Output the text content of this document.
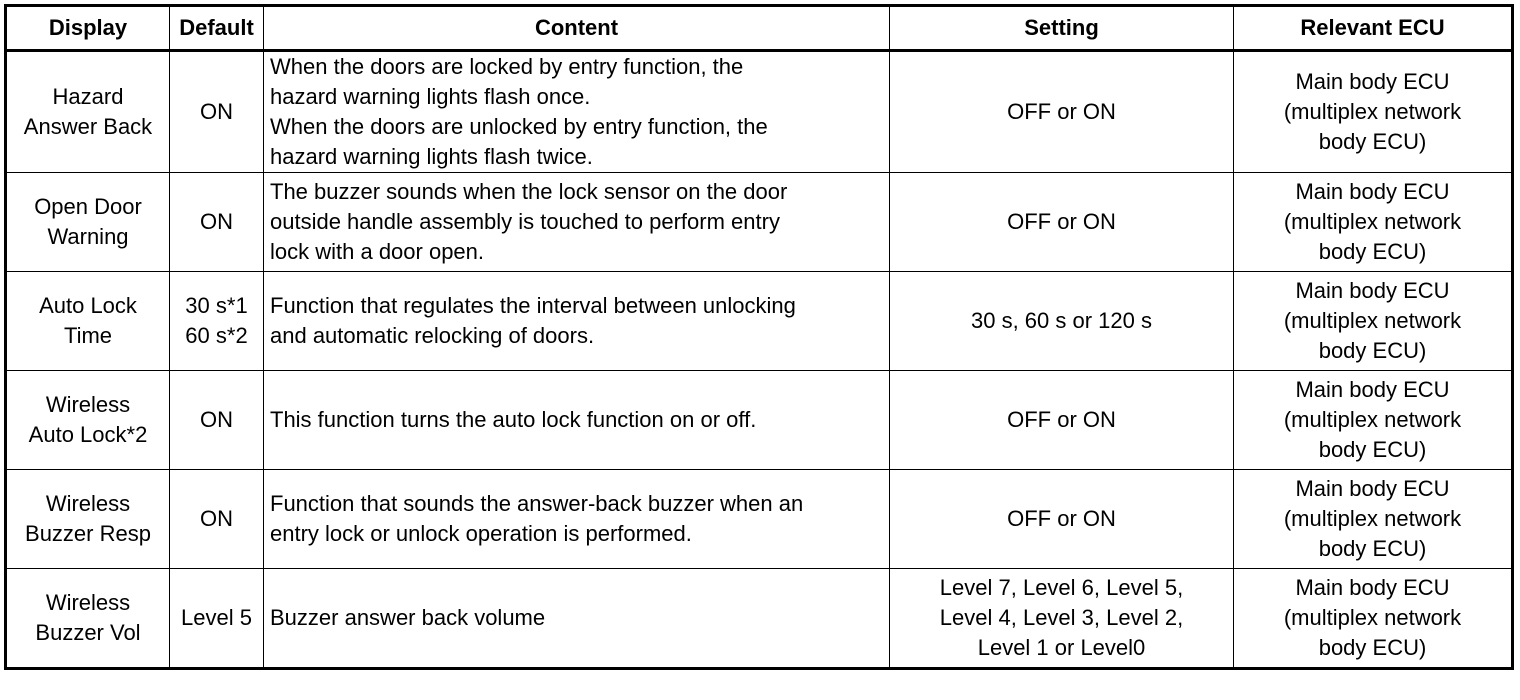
Display	Default	Content	Setting	Relevant ECU

Hazard
Answer Back	ON	When the doors are locked by entry function, the
hazard warning lights flash once.
When the doors are unlocked by entry function, the
hazard warning lights flash twice.	OFF or ON	Main body ECU
(multiplex network
body ECU)

Open Door
Warning	ON	The buzzer sounds when the lock sensor on the door
outside handle assembly is touched to perform entry
lock with a door open.	OFF or ON	Main body ECU
(multiplex network
body ECU)

Auto Lock
Time	30 s*1
60 s*2	Function that regulates the interval between unlocking
and automatic relocking of doors.	30 s, 60 s or 120 s	Main body ECU
(multiplex network
body ECU)

Wireless
Auto Lock*2	ON	This function turns the auto lock function on or off.	OFF or ON	Main body ECU
(multiplex network
body ECU)

Wireless
Buzzer Resp	ON	Function that sounds the answer-back buzzer when an
entry lock or unlock operation is performed.	OFF or ON	Main body ECU
(multiplex network
body ECU)

Wireless
Buzzer Vol	Level 5	Buzzer answer back volume	Level 7, Level 6, Level 5,
Level 4, Level 3, Level 2,
Level 1 or Level0	Main body ECU
(multiplex network
body ECU)
